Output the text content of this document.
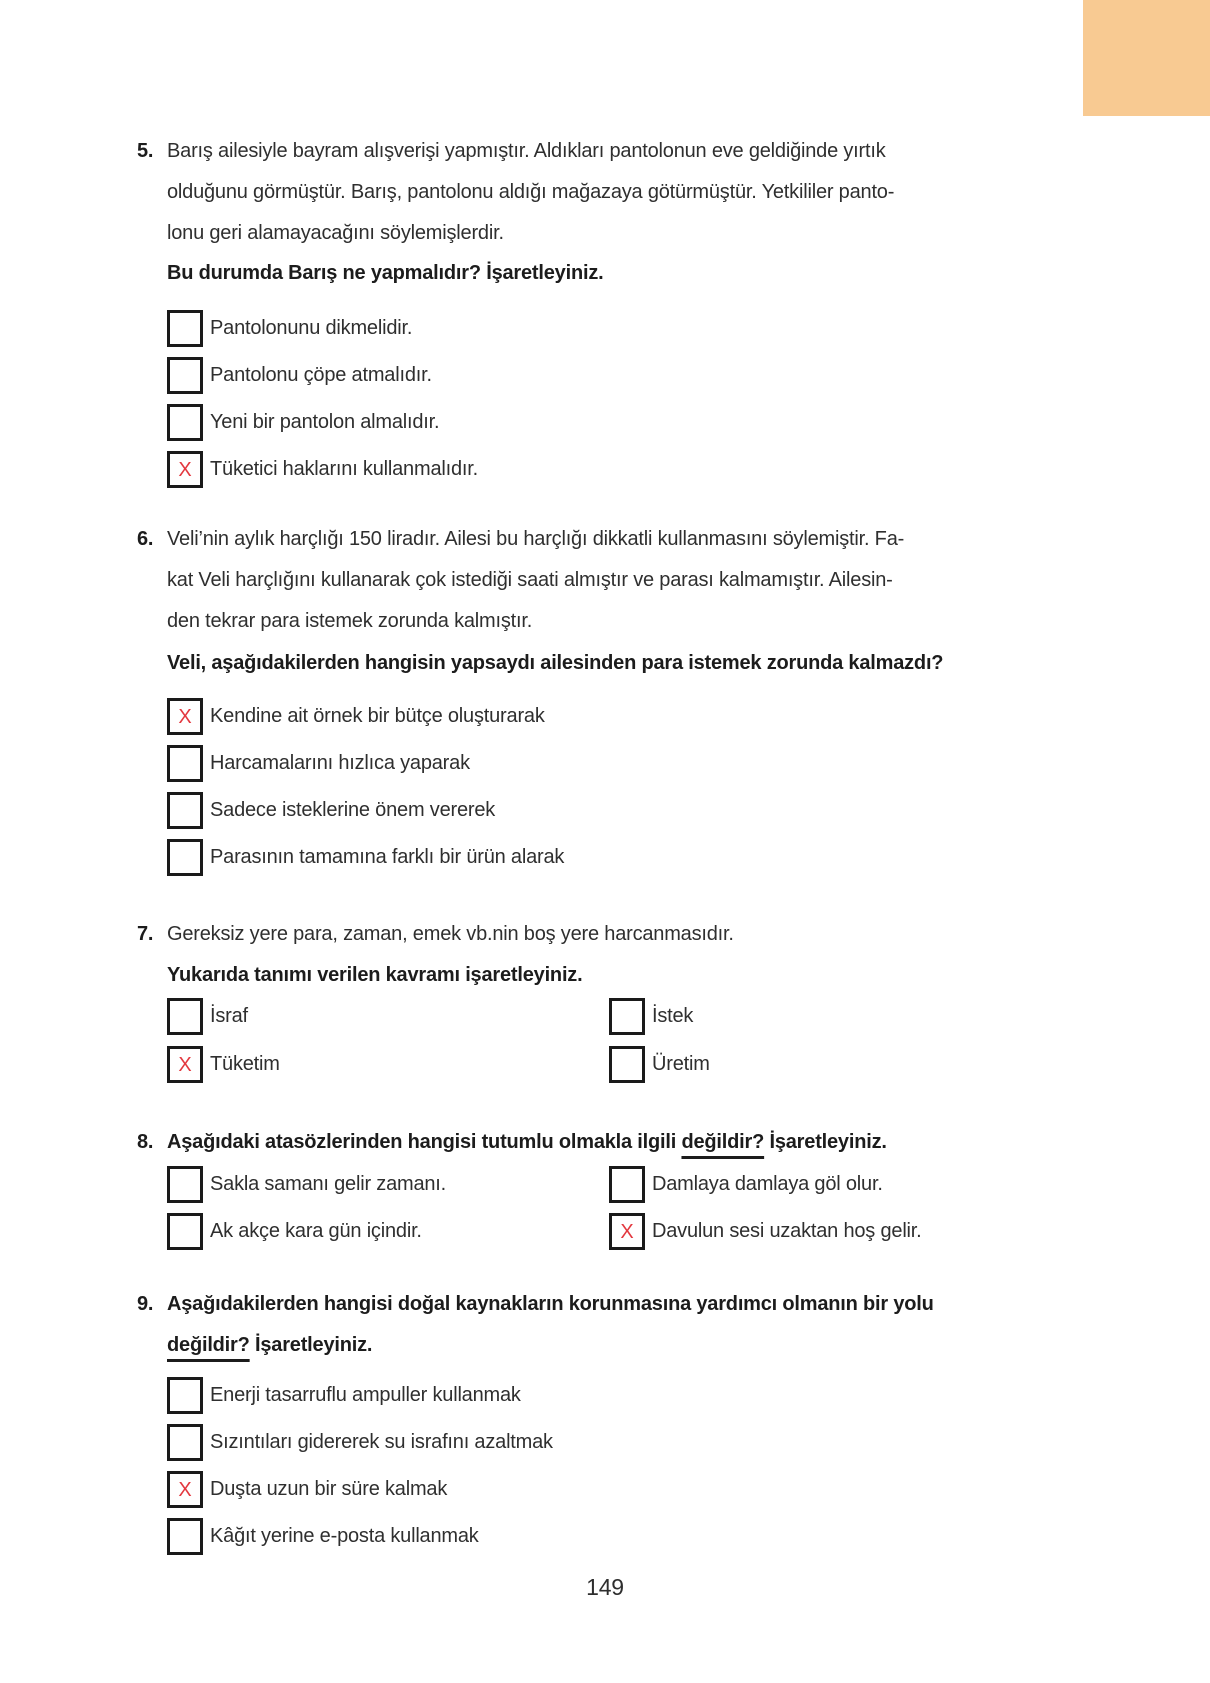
5. Barış ailesiyle bayram alışverişi yapmıştır. Aldıkları pantolonun eve geldiğinde yırtık
olduğunu görmüştür. Barış, pantolonu aldığı mağazaya götürmüştür. Yetkililer panto-
lonu geri alamayacağını söylemişlerdir.
Bu durumda Barış ne yapmalıdır? İşaretleyiniz.
Pantolonunu dikmelidir.
Pantolonu çöpe atmalıdır.
Yeni bir pantolon almalıdır.
X Tüketici haklarını kullanmalıdır.
6. Veli’nin aylık harçlığı 150 liradır. Ailesi bu harçlığı dikkatli kullanmasını söylemiştir. Fa-
kat Veli harçlığını kullanarak çok istediği saati almıştır ve parası kalmamıştır. Ailesin-
den tekrar para istemek zorunda kalmıştır.
Veli, aşağıdakilerden hangisin yapsaydı ailesinden para istemek zorunda kalmazdı?
X Kendine ait örnek bir bütçe oluşturarak
Harcamalarını hızlıca yaparak
Sadece isteklerine önem vererek
Parasının tamamına farklı bir ürün alarak
7. Gereksiz yere para, zaman, emek vb.nin boş yere harcanmasıdır.
Yukarıda tanımı verilen kavramı işaretleyiniz.
İsraf	İstek
X Tüketim	Üretim
8. Aşağıdaki atasözlerinden hangisi tutumlu olmakla ilgili değildir? İşaretleyiniz.
Sakla samanı gelir zamanı.	Damlaya damlaya göl olur.
Ak akçe kara gün içindir.	X Davulun sesi uzaktan hoş gelir.
9. Aşağıdakilerden hangisi doğal kaynakların korunmasına yardımcı olmanın bir yolu
değildir? İşaretleyiniz.
Enerji tasarruflu ampuller kullanmak
Sızıntıları gidererek su israfını azaltmak
X Duşta uzun bir süre kalmak
Kâğıt yerine e-posta kullanmak
149
